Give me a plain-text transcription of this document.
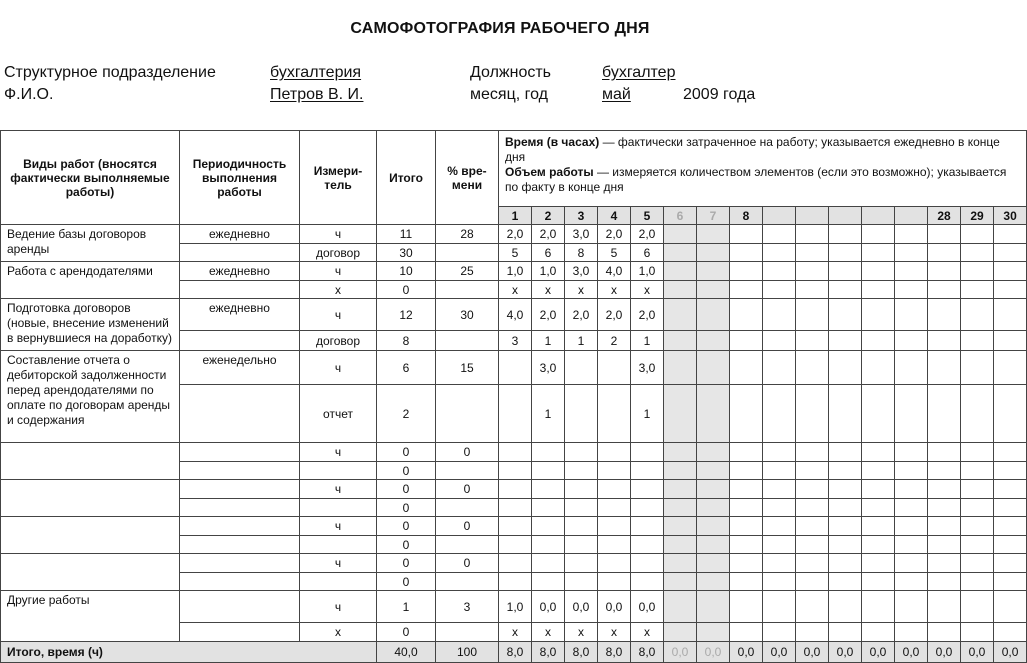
САМОФОТОГРАФИЯ РАБОЧЕГО ДНЯ
Структурное подразделение	бухгалтерия	Должность	бухгалтер
Ф.И.О.	Петров В. И.	месяц, год	май	2009 года
Виды работ (вносятся фактически выполняемые работы)	Периодичность выполнения работы	Измери-тель	Итого	% вре-мени	Время (в часах) — фактически затраченное на работу; указывается ежедневно в конце дня
Объем работы — измеряется количеством элементов (если это возможно); указывается по факту в конце дня															
					1	2	3	4	5	6	7	8						28	29	30
Ведение базы договоров аренды	ежедневно	ч	11	28	2,0	2,0	3,0	2,0	2,0											
		договор	30		5	6	8	5	6											
Работа с арендодателями	ежедневно	ч	10	25	1,0	1,0	3,0	4,0	1,0											
		х	0		х	х	х	х	х											
Подготовка договоров (новые, внесение изменений в вернувшиеся на доработку)	ежедневно	ч	12	30	4,0	2,0	2,0	2,0	2,0											
		договор	8		3	1	1	2	1											
Составление отчета о дебиторской задолженности перед арендодателями по оплате по договорам аренды и содержания	еженедельно	ч	6	15		3,0			3,0											
		отчет	2			1			1											
		ч	0	0																
			0																	
		ч	0	0																
			0																	
		ч	0	0																
			0																	
		ч	0	0																
			0																	
Другие работы		ч	1	3	1,0	0,0	0,0	0,0	0,0											
		х	0		х	х	х	х	х											
Итого, время (ч)			40,0	100	8,0	8,0	8,0	8,0	8,0	0,0	0,0	0,0	0,0	0,0	0,0	0,0	0,0	0,0	0,0	0,0
